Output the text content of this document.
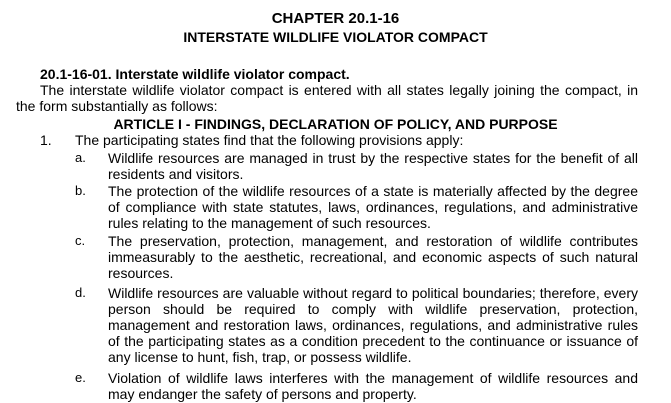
CHAPTER 20.1-16
INTERSTATE WILDLIFE VIOLATOR COMPACT
20.1-16-01. Interstate wildlife violator compact.
The interstate wildlife violator compact is entered with all states legally joining the compact, in the form substantially as follows:
ARTICLE I - FINDINGS, DECLARATION OF POLICY, AND PURPOSE
1. The participating states find that the following provisions apply:
a. Wildlife resources are managed in trust by the respective states for the benefit of all residents and visitors.
b. The protection of the wildlife resources of a state is materially affected by the degree of compliance with state statutes, laws, ordinances, regulations, and administrative rules relating to the management of such resources.
c. The preservation, protection, management, and restoration of wildlife contributes immeasurably to the aesthetic, recreational, and economic aspects of such natural resources.
d. Wildlife resources are valuable without regard to political boundaries; therefore, every person should be required to comply with wildlife preservation, protection, management and restoration laws, ordinances, regulations, and administrative rules of the participating states as a condition precedent to the continuance or issuance of any license to hunt, fish, trap, or possess wildlife.
e. Violation of wildlife laws interferes with the management of wildlife resources and may endanger the safety of persons and property.
